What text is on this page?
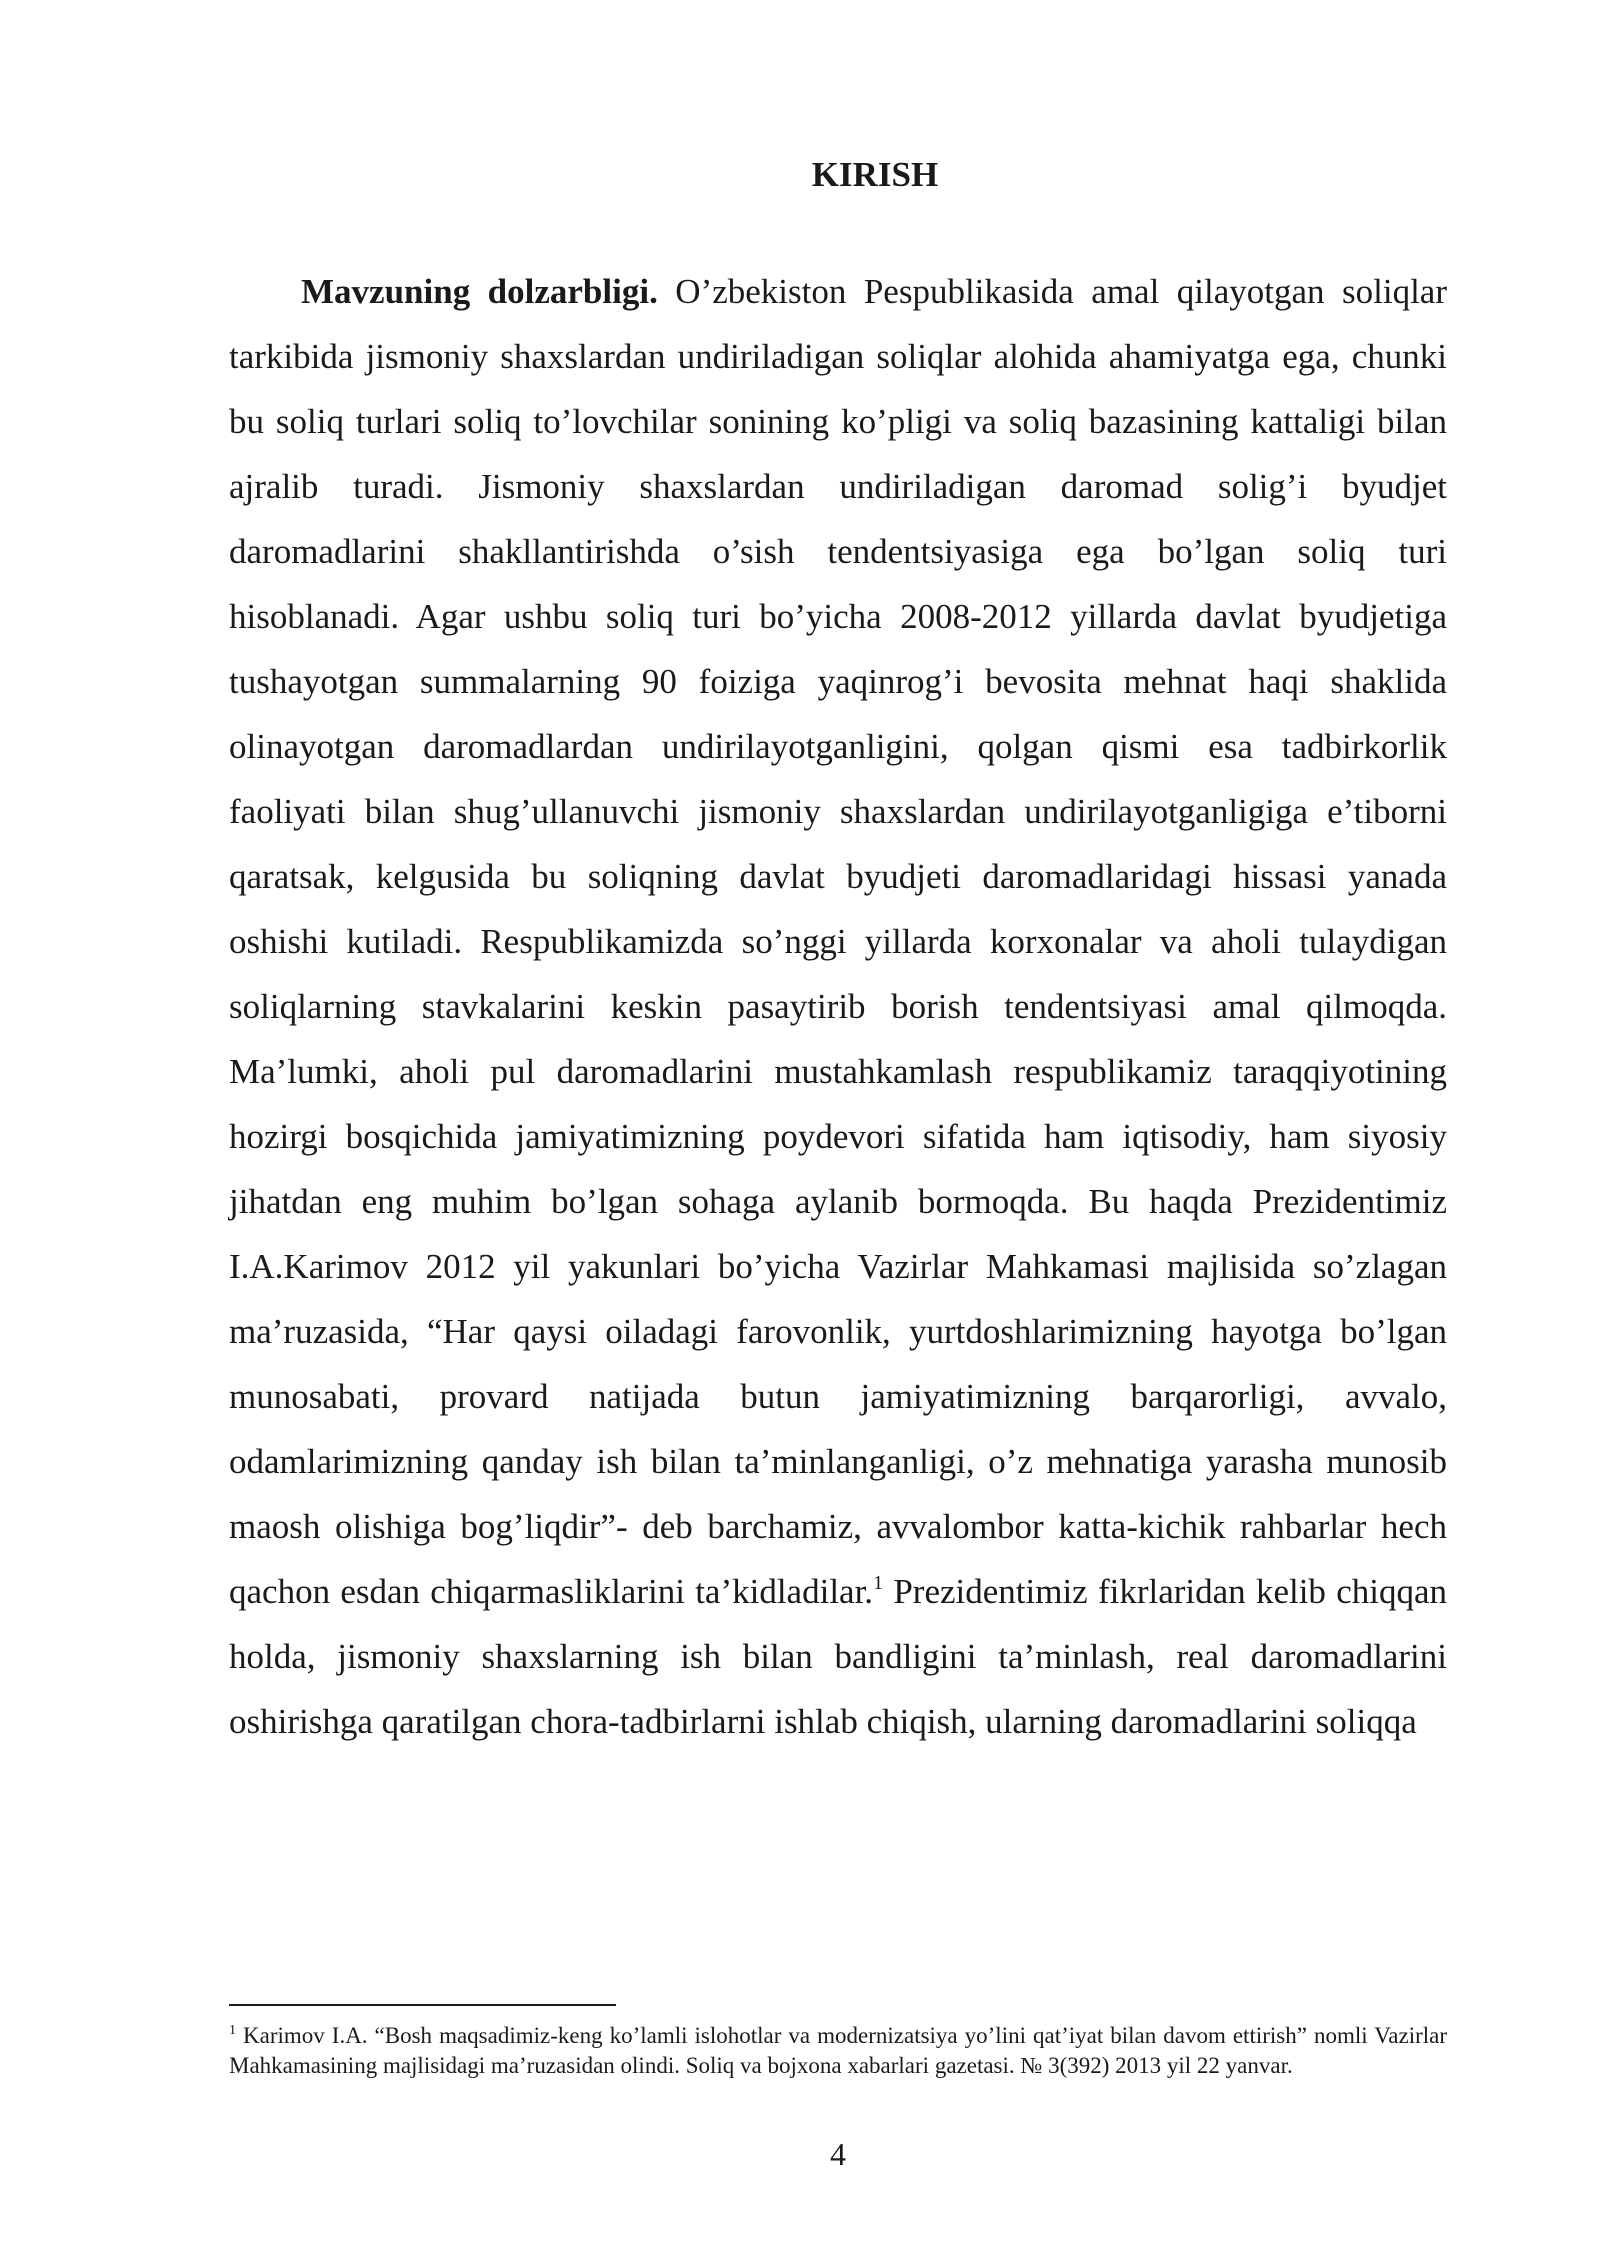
KIRISH

Mavzuning dolzarbligi. O’zbekiston Pespublikasida amal qilayotgan soliqlar tarkibida jismoniy shaxslardan undiriladigan soliqlar alohida ahamiyatga ega, chunki bu soliq turlari soliq to’lovchilar sonining ko’pligi va soliq bazasining kattaligi bilan ajralib turadi. Jismoniy shaxslardan undiriladigan daromad solig’i byudjet daromadlarini shakllantirishda o’sish tendentsiyasiga ega bo’lgan soliq turi hisoblanadi. Agar ushbu soliq turi bo’yicha 2008-2012 yillarda davlat byudjetiga tushayotgan summalarning 90 foiziga yaqinrog’i bevosita mehnat haqi shaklida olinayotgan daromadlardan undirilayotganligini, qolgan qismi esa tadbirkorlik faoliyati bilan shug’ullanuvchi jismoniy shaxslardan undirilayotganligiga e’tiborni qaratsak, kelgusida bu soliqning davlat byudjeti daromadlaridagi hissasi yanada oshishi kutiladi. Respublikamizda so’nggi yillarda korxonalar va aholi tulaydigan soliqlarning stavkalarini keskin pasaytirib borish tendentsiyasi amal qilmoqda. Ma’lumki, aholi pul daromadlarini mustahkamlash respublikamiz taraqqiyotining hozirgi bosqichida jamiyatimizning poydevori sifatida ham iqtisodiy, ham siyosiy jihatdan eng muhim bo’lgan sohaga aylanib bormoqda. Bu haqda Prezidentimiz I.A.Karimov 2012 yil yakunlari bo’yicha Vazirlar Mahkamasi majlisida so’zlagan ma’ruzasida, “Har qaysi oiladagi farovonlik, yurtdoshlarimizning hayotga bo’lgan munosabati, provard natijada butun jamiyatimizning barqarorligi, avvalo, odamlarimizning qanday ish bilan ta’minlanganligi, o’z mehnatiga yarasha munosib maosh olishiga bog’liqdir”- deb barchamiz, avvalombor katta-kichik rahbarlar hech qachon esdan chiqarmasliklarini ta’kidladilar.$^1$ Prezidentimiz fikrlaridan kelib chiqqan holda, jismoniy shaxslarning ish bilan bandligini ta’minlash, real daromadlarini oshirishga qaratilgan chora-tadbirlarni ishlab chiqish, ularning daromadlarini soliqqa

$^1$ Karimov I.A. “Bosh maqsadimiz-keng ko’lamli islohotlar va modernizatsiya yo’lini qat’iyat bilan davom ettirish” nomli Vazirlar Mahkamasining majlisidagi ma’ruzasidan olindi. Soliq va bojxona xabarlari gazetasi. № 3(392) 2013 yil 22 yanvar.

4
